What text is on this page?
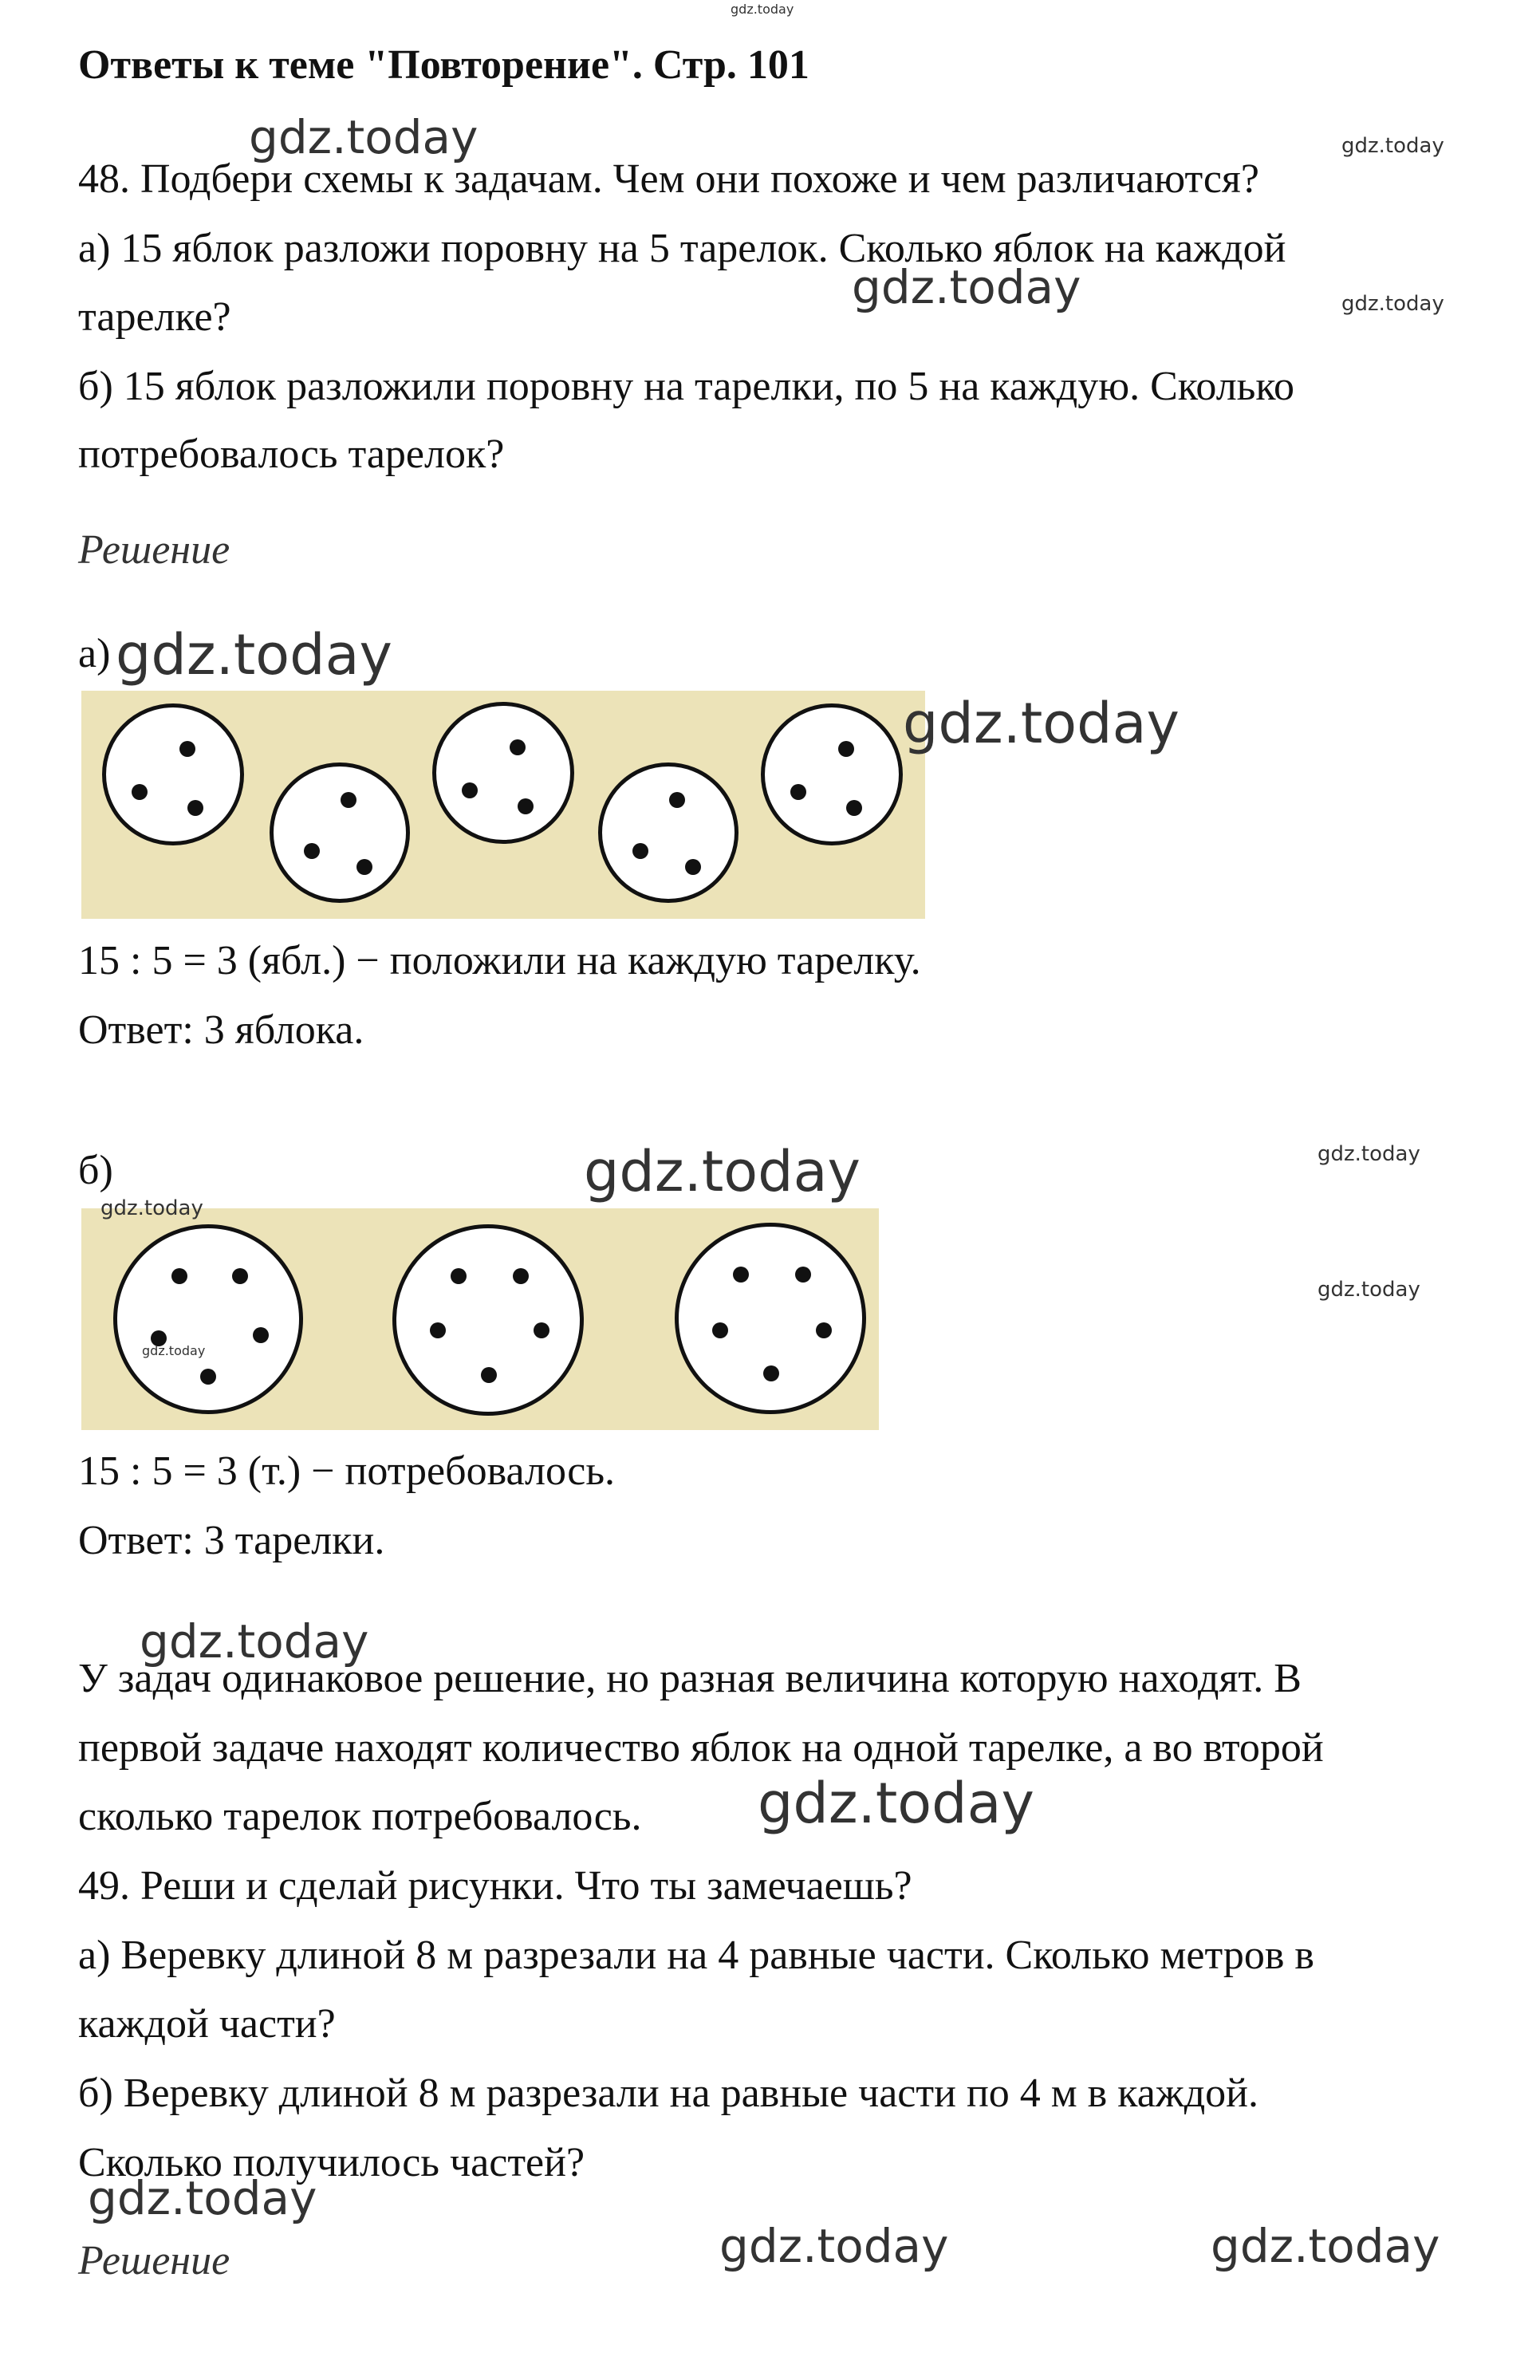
gdz.today
Ответы к теме "Повторение". Стр. 101
48. Подбери схемы к задачам. Чем они похоже и чем различаются?
а) 15 яблок разложи поровну на 5 тарелок. Сколько яблок на каждой
тарелке?
б) 15 яблок разложили поровну на тарелки, по 5 на каждую. Сколько
потребовалось тарелок?
Решение
а)
15 : 5 = 3 (ябл.) − положили на каждую тарелку.
Ответ: 3 яблока.
б)
15 : 5 = 3 (т.) − потребовалось.
Ответ: 3 тарелки.
У задач одинаковое решение, но разная величина которую находят. В
первой задаче находят количество яблок на одной тарелке, а во второй
сколько тарелок потребовалось.
49. Реши и сделай рисунки. Что ты замечаешь?
а) Веревку длиной 8 м разрезали на 4 равные части. Сколько метров в
каждой части?
б) Веревку длиной 8 м разрезали на равные части по 4 м в каждой.
Сколько получилось частей?
Решение
gdz.today	gdz.today
gdz.today	gdz.today
gdz.today
gdz.today
gdz.today	gdz.today
gdz.today
gdz.today
gdz.today
gdz.today
gdz.today
gdz.today
gdz.today	gdz.today
